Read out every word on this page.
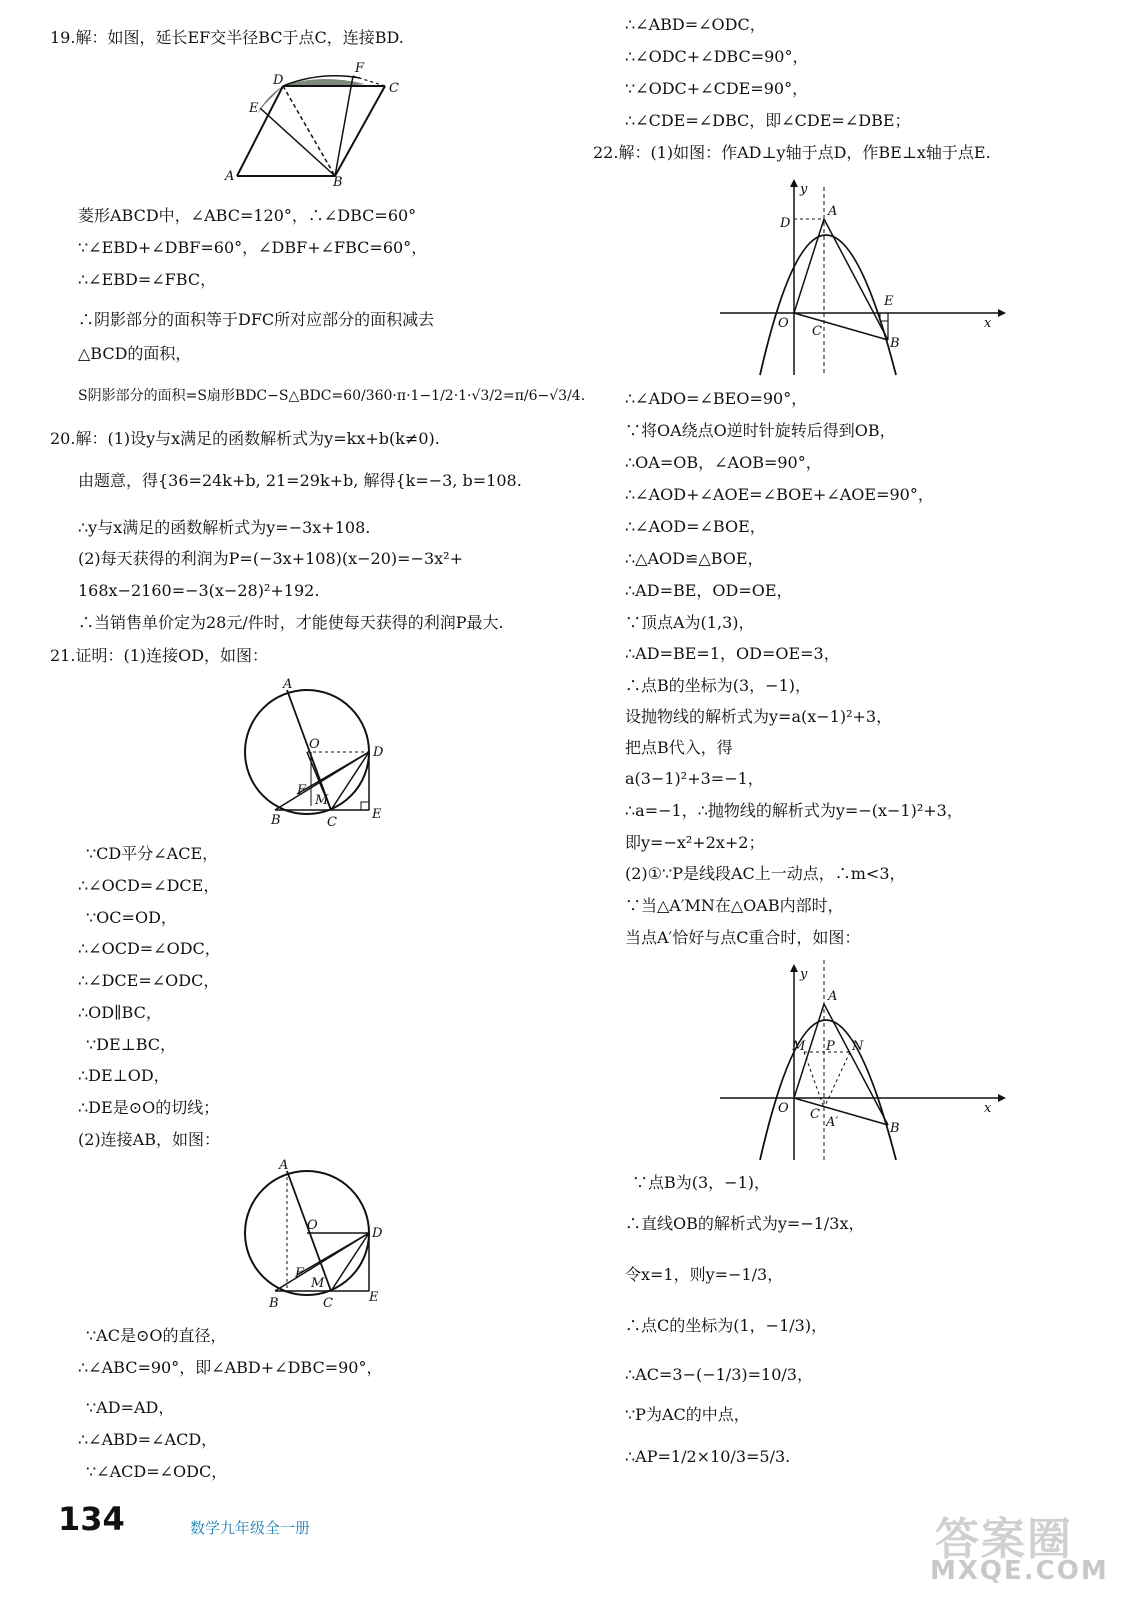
19.解：如图，延长EF交半径BC于点C，连接BD.
D
F
C
E
A	B
菱形ABCD中，∠ABC=120°，∴∠DBC=60°
∵∠EBD+∠DBF=60°，∠DBF+∠FBC=60°，
∴∠EBD=∠FBC，
∴阴影部分的面积等于DFC所对应部分的面积减去
△BCD的面积，
S阴影部分的面积=S扇形BDC−S△BDC=60/360·π·1−1/2·1·√3/2=π/6−√3/4.
20.解：(1)设y与x满足的函数解析式为y=kx+b(k≠0).
由题意，得{36=24k+b, 21=29k+b, 解得{k=−3, b=108.
∴y与x满足的函数解析式为y=−3x+108.
(2)每天获得的利润为P=(−3x+108)(x−20)=−3x²+
168x−2160=−3(x−28)²+192.
∴当销售单价定为28元/件时，才能使每天获得的利润P最大.
21.证明：(1)连接OD，如图：
A
O
D
F
M
B	C
E
∵CD平分∠ACE，
∴∠OCD=∠DCE，
∵OC=OD，
∴∠OCD=∠ODC，
∴∠DCE=∠ODC，
∴OD∥BC，
∵DE⊥BC，
∴DE⊥OD，
∴DE是⊙O的切线；
(2)连接AB，如图：
A
O
D
F
M
B	C	E
∵AC是⊙O的直径，
∴∠ABC=90°，即∠ABD+∠DBC=90°，
∵AD=AD，
∴∠ABD=∠ACD，
∵∠ACD=∠ODC，
∴∠ABD=∠ODC，
∴∠ODC+∠DBC=90°，
∵∠ODC+∠CDE=90°，
∴∠CDE=∠DBC，即∠CDE=∠DBE；
22.解：(1)如图：作AD⊥y轴于点D，作BE⊥x轴于点E.
y
x
D
A
O
C
E
B
∴∠ADO=∠BEO=90°，
∵将OA绕点O逆时针旋转后得到OB，
∴OA=OB，∠AOB=90°，
∴∠AOD+∠AOE=∠BOE+∠AOE=90°，
∴∠AOD=∠BOE，
∴△AOD≌△BOE，
∴AD=BE，OD=OE，
∵顶点A为(1,3)，
∴AD=BE=1，OD=OE=3，
∴点B的坐标为(3，−1)，
设抛物线的解析式为y=a(x−1)²+3，
把点B代入，得
a(3−1)²+3=−1，
∴a=−1，∴抛物线的解析式为y=−(x−1)²+3，
即y=−x²+2x+2；
(2)①∵P是线段AC上一动点，∴m<3，
∵当△A′MN在△OAB内部时，
当点A′恰好与点C重合时，如图：
y
x
A
M P N
O C
A′	B
∵点B为(3，−1)，
∴直线OB的解析式为y=−1/3x，
令x=1，则y=−1/3，
∴点C的坐标为(1，−1/3)，
∴AC=3−(−1/3)=10/3，
∵P为AC的中点，
∴AP=1/2×10/3=5/3.
134	数学九年级全一册	答案圈
MXQE.COM
